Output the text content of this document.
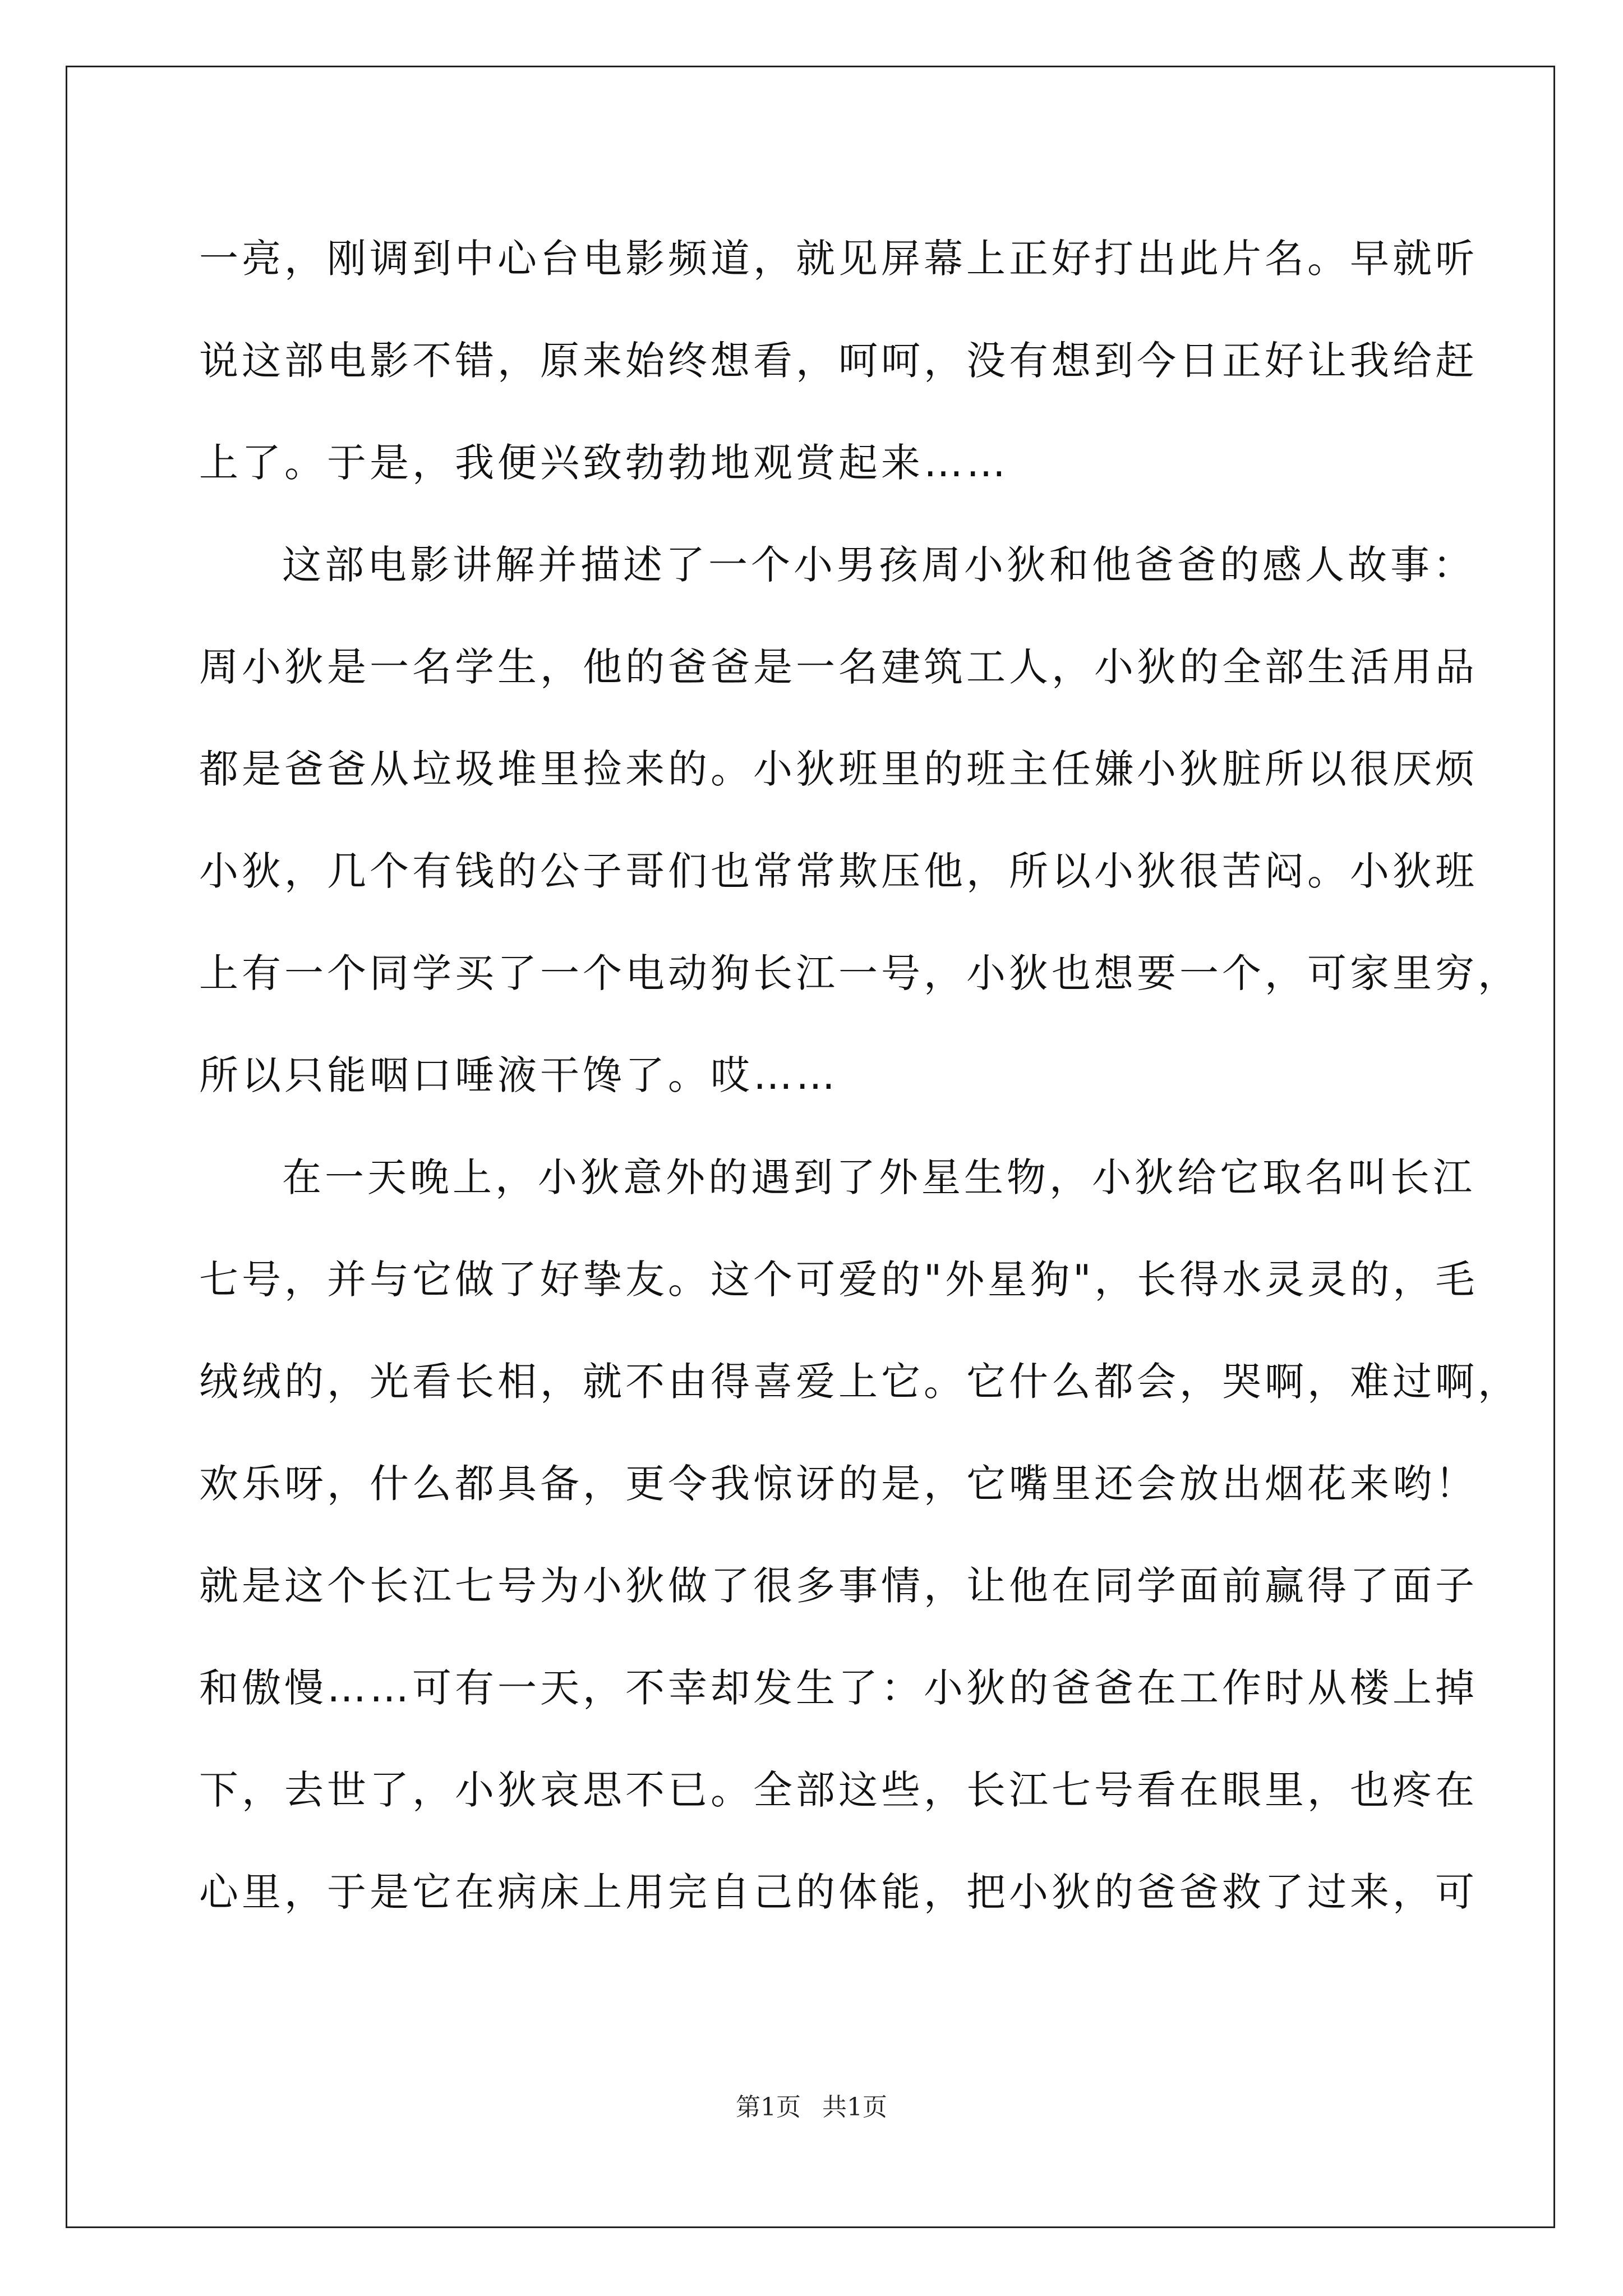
一亮，刚调到中心台电影频道，就见屏幕上正好打出此片名。早就听
说这部电影不错，原来始终想看，呵呵，没有想到今日正好让我给赶
上了。于是，我便兴致勃勃地观赏起来……
这部电影讲解并描述了一个小男孩周小狄和他爸爸的感人故事：
周小狄是一名学生，他的爸爸是一名建筑工人，小狄的全部生活用品
都是爸爸从垃圾堆里捡来的。小狄班里的班主任嫌小狄脏所以很厌烦
小狄，几个有钱的公子哥们也常常欺压他，所以小狄很苦闷。小狄班
上有一个同学买了一个电动狗长江一号，小狄也想要一个，可家里穷，
所以只能咽口唾液干馋了。哎……
在一天晚上，小狄意外的遇到了外星生物，小狄给它取名叫长江
七号，并与它做了好挚友。这个可爱的"外星狗"，长得水灵灵的，毛
绒绒的，光看长相，就不由得喜爱上它。它什么都会，哭啊，难过啊，
欢乐呀，什么都具备，更令我惊讶的是，它嘴里还会放出烟花来哟！
就是这个长江七号为小狄做了很多事情，让他在同学面前赢得了面子
和傲慢……可有一天，不幸却发生了：小狄的爸爸在工作时从楼上掉
下，去世了，小狄哀思不已。全部这些，长江七号看在眼里，也疼在
心里，于是它在病床上用完自己的体能，把小狄的爸爸救了过来，可
第1页 共1页
